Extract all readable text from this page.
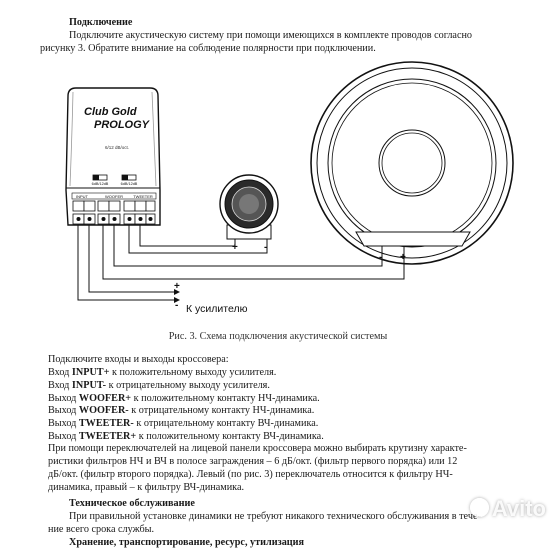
Подключение
Подключите акустическую систему при помощи имеющихся в комплекте проводов согласно
рисунку 3. Обратите внимание на соблюдение полярности при подключении.
Club Gold
PROLOGY
6/12 dB/oct.
6dB/12dB	6dB/12dB
INPUT	WOOFER	TWEETER
+	-
+
-
+
- К усилителю
Рис. 3. Схема подключения акустической системы
Подключите входы и выходы кроссовера:
Вход INPUT+ к положительному выходу усилителя.
Вход INPUT- к отрицательному выходу усилителя.
Выход WOOFER+ к положительному контакту НЧ-динамика.
Выход WOOFER- к отрицательному контакту НЧ-динамика.
Выход TWEETER- к отрицательному контакту ВЧ-динамика.
Выход TWEETER+ к положительному контакту ВЧ-динамика.
При помощи переключателей на лицевой панели кроссовера можно выбирать крутизну характе-
ристики фильтров НЧ и ВЧ в полосе заграждения – 6 дБ/окт. (фильтр первого порядка) или 12
дБ/окт. (фильтр второго порядка). Левый (по рис. 3) переключатель относится к фильтру НЧ-
динамика, правый – к фильтру ВЧ-динамика.
Техническое обслуживание
При правильной установке динамики не требуют никакого технического обслуживания в тече-
ние всего срока службы.
Хранение, транспортирование, ресурс, утилизация
Avito
